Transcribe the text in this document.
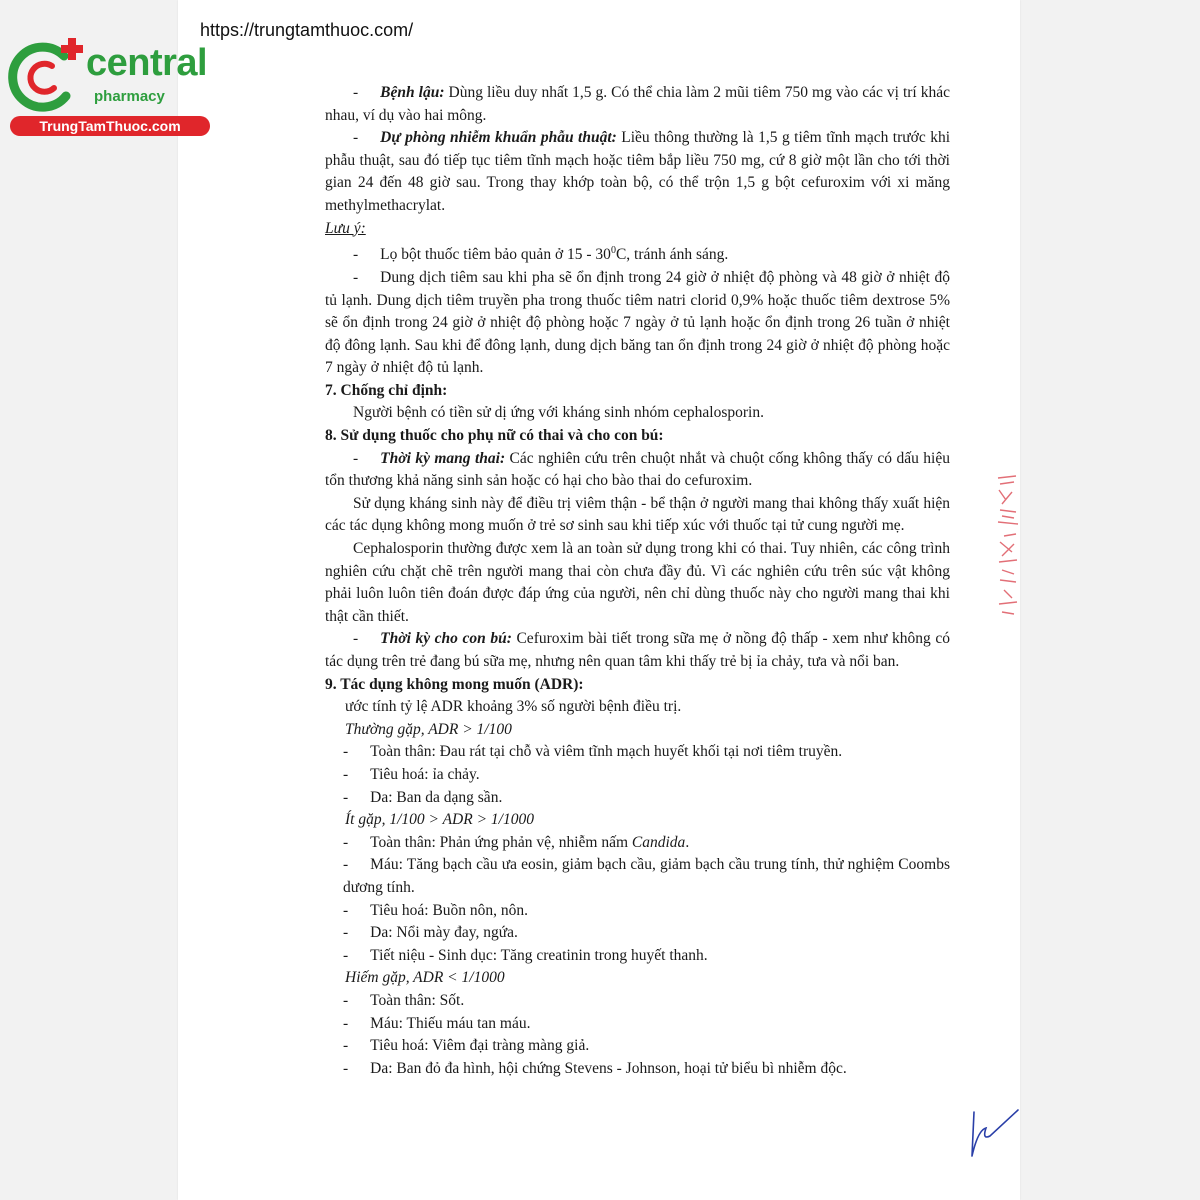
https://trungtamthuoc.com/
central
pharmacy
TrungTamThuoc.com

- Bệnh lậu: Dùng liều duy nhất 1,5 g. Có thể chia làm 2 mũi tiêm 750 mg vào các vị trí khác nhau, ví dụ vào hai mông.

- Dự phòng nhiễm khuẩn phẫu thuật: Liều thông thường là 1,5 g tiêm tĩnh mạch trước khi phẫu thuật, sau đó tiếp tục tiêm tĩnh mạch hoặc tiêm bắp liều 750 mg, cứ 8 giờ một lần cho tới thời gian 24 đến 48 giờ sau. Trong thay khớp toàn bộ, có thể trộn 1,5 g bột cefuroxim với xi măng methylmethacrylat.

Lưu ý:

- Lọ bột thuốc tiêm bảo quản ở $15 - 30^0C$, tránh ánh sáng.

- Dung dịch tiêm sau khi pha sẽ ổn định trong 24 giờ ở nhiệt độ phòng và 48 giờ ở nhiệt độ tủ lạnh. Dung dịch tiêm truyền pha trong thuốc tiêm natri clorid 0,9% hoặc thuốc tiêm dextrose 5% sẽ ổn định trong 24 giờ ở nhiệt độ phòng hoặc 7 ngày ở tủ lạnh hoặc ổn định trong 26 tuần ở nhiệt độ đông lạnh. Sau khi để đông lạnh, dung dịch băng tan ổn định trong 24 giờ ở nhiệt độ phòng hoặc 7 ngày ở nhiệt độ tủ lạnh.

7. Chống chỉ định:

Người bệnh có tiền sử dị ứng với kháng sinh nhóm cephalosporin.

8. Sử dụng thuốc cho phụ nữ có thai và cho con bú:

- Thời kỳ mang thai: Các nghiên cứu trên chuột nhắt và chuột cống không thấy có dấu hiệu tổn thương khả năng sinh sản hoặc có hại cho bào thai do cefuroxim.

Sử dụng kháng sinh này để điều trị viêm thận - bể thận ở người mang thai không thấy xuất hiện các tác dụng không mong muốn ở trẻ sơ sinh sau khi tiếp xúc với thuốc tại tử cung người mẹ.

Cephalosporin thường được xem là an toàn sử dụng trong khi có thai. Tuy nhiên, các công trình nghiên cứu chặt chẽ trên người mang thai còn chưa đầy đủ. Vì các nghiên cứu trên súc vật không phải luôn luôn tiên đoán được đáp ứng của người, nên chỉ dùng thuốc này cho người mang thai khi thật cần thiết.

- Thời kỳ cho con bú: Cefuroxim bài tiết trong sữa mẹ ở nồng độ thấp - xem như không có tác dụng trên trẻ đang bú sữa mẹ, nhưng nên quan tâm khi thấy trẻ bị ỉa chảy, tưa và nổi ban.

9. Tác dụng không mong muốn (ADR):

ước tính tỷ lệ ADR khoảng 3% số người bệnh điều trị.

Thường gặp, ADR > 1/100

- Toàn thân: Đau rát tại chỗ và viêm tĩnh mạch huyết khối tại nơi tiêm truyền.

- Tiêu hoá: ỉa chảy.

- Da: Ban da dạng sần.

Ít gặp, 1/100 > ADR > 1/1000

- Toàn thân: Phản ứng phản vệ, nhiễm nấm Candida.

- Máu: Tăng bạch cầu ưa eosin, giảm bạch cầu, giảm bạch cầu trung tính, thử nghiệm Coombs dương tính.

- Tiêu hoá: Buồn nôn, nôn.

- Da: Nổi mày đay, ngứa.

- Tiết niệu - Sinh dục: Tăng creatinin trong huyết thanh.

Hiếm gặp, ADR < 1/1000

- Toàn thân: Sốt.

- Máu: Thiếu máu tan máu.

- Tiêu hoá: Viêm đại tràng màng giả.

- Da: Ban đỏ đa hình, hội chứng Stevens - Johnson, hoại tử biểu bì nhiễm độc.
